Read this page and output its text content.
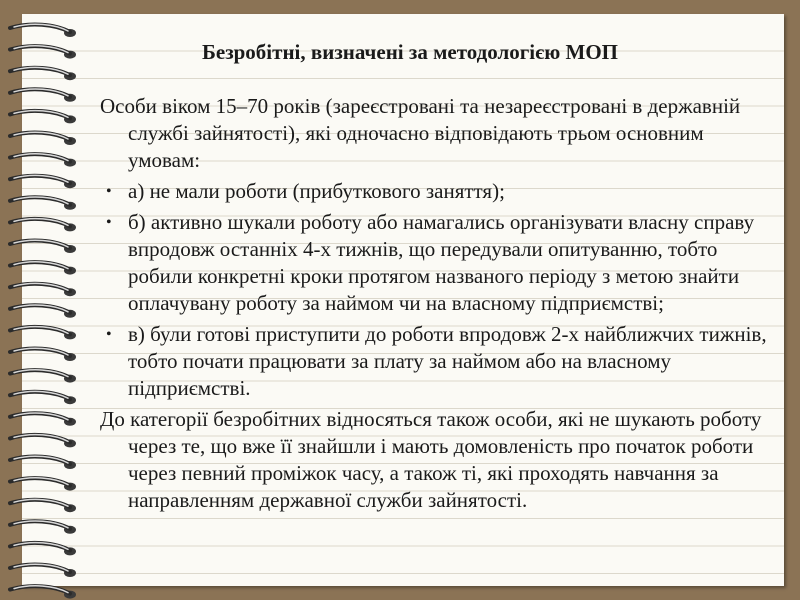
Безробітні, визначені за методологією МОП

Особи віком 15–70 років (зареєстровані та незареєстровані в державній службі зайнятості), які одночасно відповідають трьом основним умовам:

• а) не мали роботи (прибуткового заняття);
• б) активно шукали роботу або намагались організувати власну справу впродовж останніх 4-х тижнів, що передували опитуванню, тобто робили конкретні кроки протягом названого періоду з метою знайти оплачувану роботу за наймом чи на власному підприємстві;
• в) були готові приступити до роботи впродовж 2-х найближчих тижнів, тобто почати працювати за плату за наймом або на власному підприємстві.

До категорії безробітних відносяться також особи, які не шукають роботу через те, що вже її знайшли і мають домовленість про початок роботи через певний проміжок часу, а також ті, які проходять навчання за направленням державної служби зайнятості.
